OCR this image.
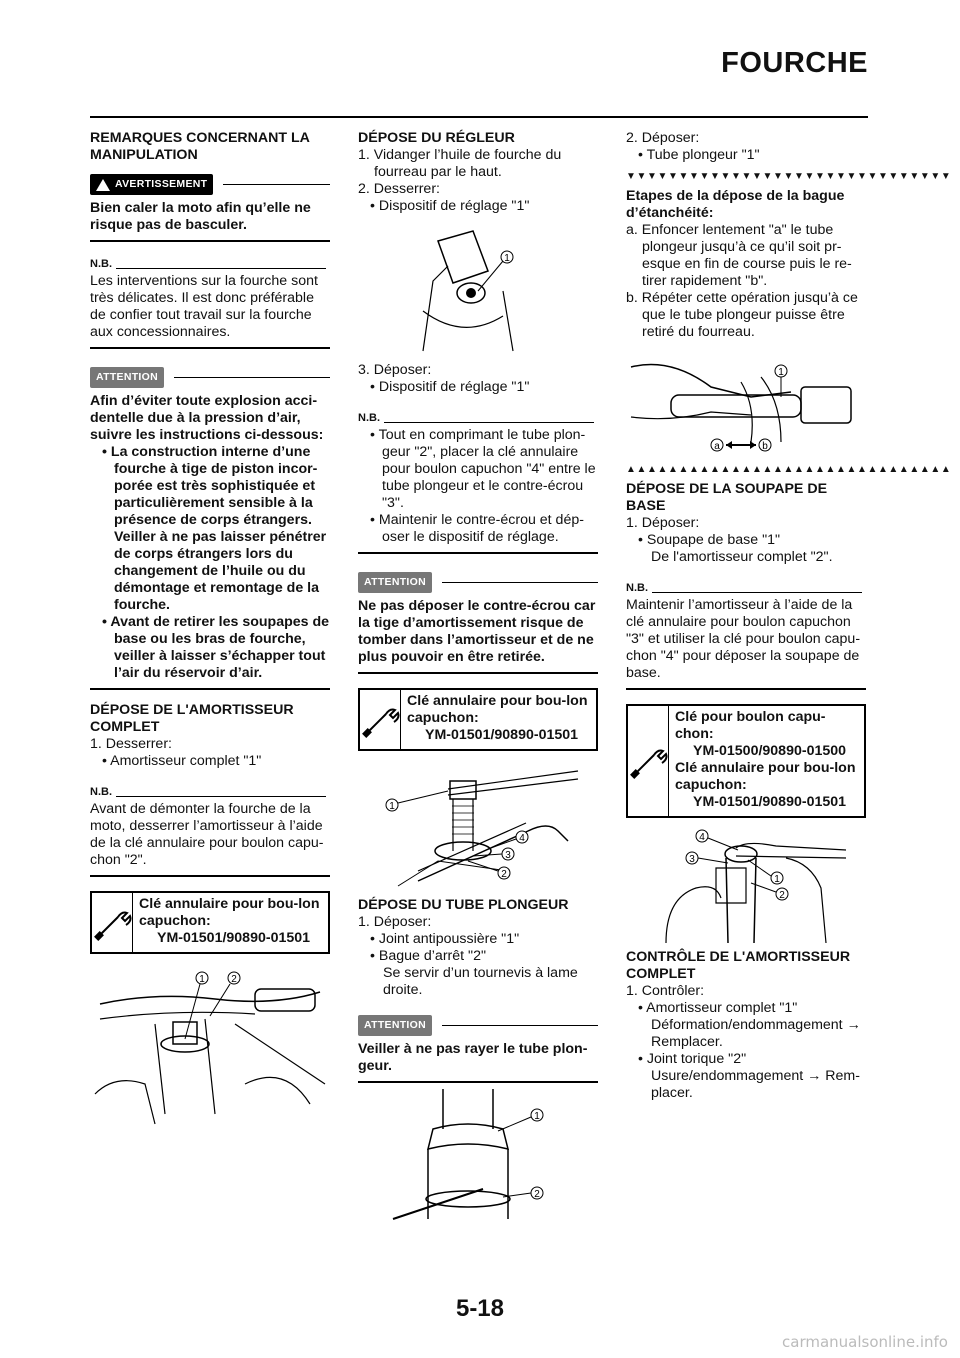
FOURCHE

REMARQUES CONCERNANT LA MANIPULATION

AVERTISSEMENT

Bien caler la moto afin qu’elle ne risque pas de basculer.

N.B.

Les interventions sur la fourche sont très délicates. Il est donc préférable de confier tout travail sur la fourche aux concessionnaires.

ATTENTION

Afin d’éviter toute explosion acci-dentelle due à la pression d’air, suivre les instructions ci-dessous:

• La construction interne d’une fourche à tige de piston incor-porée est très sophistiquée et particulièrement sensible à la présence de corps étrangers. Veiller à ne pas laisser pénétrer de corps étrangers lors du changement de l’huile ou du démontage et remontage de la fourche.

• Avant de retirer les soupapes de base ou les bras de fourche, veiller à laisser s’échapper tout l’air du réservoir d’air.

DÉPOSE DE L'AMORTISSEUR COMPLET

1. Desserrer:

• Amortisseur complet "1"

N.B.

Avant de démonter la fourche de la moto, desserrer l’amortisseur à l’aide de la clé annulaire pour boulon capu-chon "2".

Clé annulaire pour bou-lon capuchon:

YM-01501/90890-01501

1	2

DÉPOSE DU RÉGLEUR

1. Vidanger l’huile de fourche du fourreau par le haut.

2. Desserrer:

• Dispositif de réglage "1"

1

3. Déposer:

• Dispositif de réglage "1"

N.B.

• Tout en comprimant le tube plon-geur "2", placer la clé annulaire pour boulon capuchon "4" entre le tube plongeur et le contre-écrou "3".

• Maintenir le contre-écrou et dép-oser le dispositif de réglage.

ATTENTION

Ne pas déposer le contre-écrou car la tige d’amortissement risque de tomber dans l’amortisseur et de ne plus pouvoir en être retirée.

Clé annulaire pour bou-lon capuchon:

YM-01501/90890-01501

1
4
3
2

DÉPOSE DU TUBE PLONGEUR

1. Déposer:

• Joint antipoussière "1"

• Bague d’arrêt "2"

Se servir d’un tournevis à lame droite.

ATTENTION

Veiller à ne pas rayer le tube plon-geur.

1
2

2. Déposer:

• Tube plongeur "1"

▼▼▼▼▼▼▼▼▼▼▼▼▼▼▼▼▼▼▼▼▼▼▼▼▼▼▼▼▼▼▼

Etapes de la dépose de la bague d’étanchéité:

a. Enfoncer lentement "a" le tube plongeur jusqu’à ce qu’il soit pr-esque en fin de course puis le re-tirer rapidement "b".

b. Répéter cette opération jusqu’à ce que le tube plongeur puisse être retiré du fourreau.

a	b
1
▲▲▲▲▲▲▲▲▲▲▲▲▲▲▲▲▲▲▲▲▲▲▲▲▲▲▲▲▲▲▲

DÉPOSE DE LA SOUPAPE DE BASE

1. Déposer:

• Soupape de base "1"

De l'amortisseur complet "2".

N.B.

Maintenir l’amortisseur à l’aide de la clé annulaire pour boulon capuchon "3" et utiliser la clé pour boulon capu-chon "4" pour déposer la soupape de base.

Clé pour boulon capu-chon:

YM-01500/90890-01500

Clé annulaire pour bou-lon capuchon:

YM-01501/90890-01501

4
3
1
2

CONTRÔLE DE L'AMORTISSEUR COMPLET

1. Contrôler:

• Amortisseur complet "1"

Déformation/endommagement → Remplacer.

• Joint torique "2"

Usure/endommagement → Rem-placer.

5-18
carmanualsonline.info
